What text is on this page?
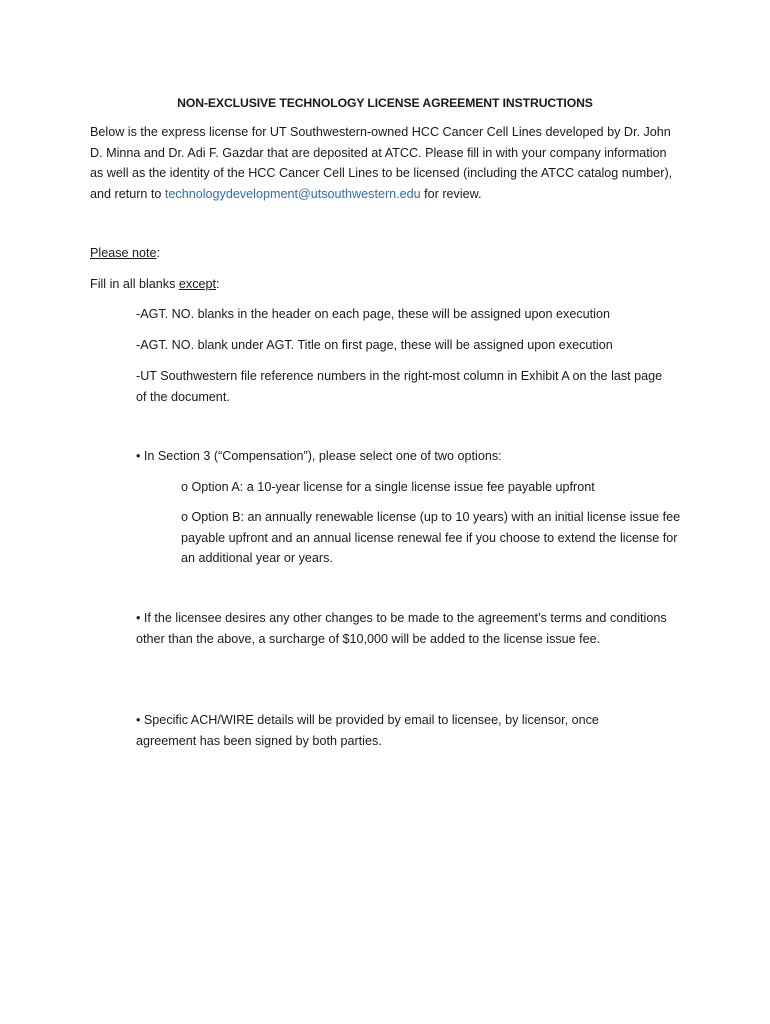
NON-EXCLUSIVE TECHNOLOGY LICENSE AGREEMENT INSTRUCTIONS
Below is the express license for UT Southwestern-owned HCC Cancer Cell Lines developed by Dr. John D. Minna and Dr. Adi F. Gazdar that are deposited at ATCC. Please fill in with your company information as well as the identity of the HCC Cancer Cell Lines to be licensed (including the ATCC catalog number), and return to technologydevelopment@utsouthwestern.edu for review.
Please note:
Fill in all blanks except:
-AGT. NO. blanks in the header on each page, these will be assigned upon execution
-AGT. NO. blank under AGT. Title on first page, these will be assigned upon execution
-UT Southwestern file reference numbers in the right-most column in Exhibit A on the last page of the document.
• In Section 3 (“Compensation”), please select one of two options:
o Option A: a 10-year license for a single license issue fee payable upfront
o Option B: an annually renewable license (up to 10 years) with an initial license issue fee payable upfront and an annual license renewal fee if you choose to extend the license for an additional year or years.
• If the licensee desires any other changes to be made to the agreement’s terms and conditions other than the above, a surcharge of $10,000 will be added to the license issue fee.
• Specific ACH/WIRE details will be provided by email to licensee, by licensor, once agreement has been signed by both parties.
